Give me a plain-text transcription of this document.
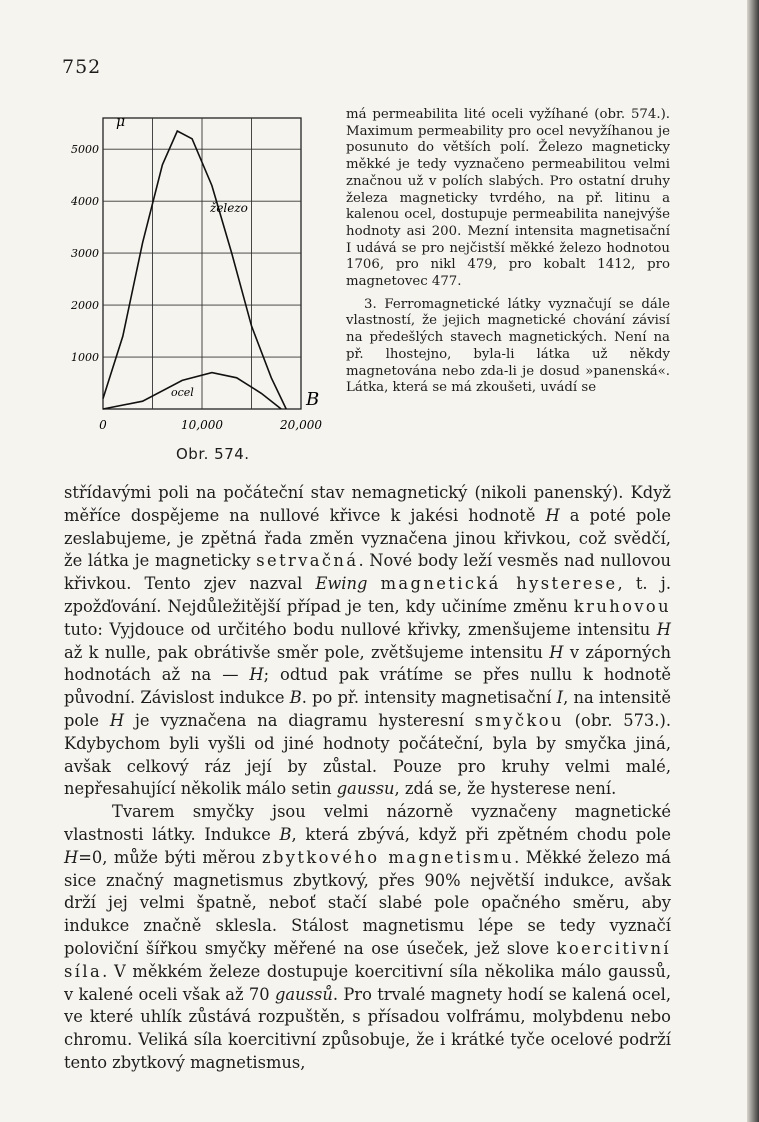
752
μ
B
železo
ocel
5000
4000
3000
2000
1000
0	10,000	20,000
Obr. 574.

má permeabilita lité oceli vyžíhané (obr. 574.). Maximum permeability pro ocel nevyžíhanou je posunuto do větších polí. Železo magneticky měkké je tedy vyznačeno permeabilitou velmi značnou už v polích slabých. Pro ostatní druhy železa magneticky tvrdého, na př. litinu a kalenou ocel, dostupuje permeabilita nanejvýše hodnoty asi 200. Mezní intensita magnetisační I udává se pro nejčistší měkké železo hodnotou 1706, pro nikl 479, pro kobalt 1412, pro magnetovec 477.

3. Ferromagnetické látky vyznačují se dále vlastností, že jejich magnetické chování závisí na předešlých stavech magnetických. Není na př. lhostejno, byla-li látka už někdy magnetována nebo zda-li je dosud »panenská«. Látka, která se má zkoušeti, uvádí se

střídavými poli na počáteční stav nemagnetický (nikoli panenský). Když měříce dospějeme na nullové křivce k jakési hodnotě H a poté pole zeslabujeme, je zpětná řada změn vyznačena jinou křivkou, což svědčí, že látka je magneticky setrvačná. Nové body leží vesměs nad nullovou křivkou. Tento zjev nazval Ewing magnetická hysterese, t. j. zpožďování. Nejdůležitější případ je ten, kdy učiníme změnu kruhovou tuto: Vyjdouce od určitého bodu nullové křivky, zmenšujeme intensitu H až k nulle, pak obrátivše směr pole, zvětšujeme intensitu H v záporných hodnotách až na — H; odtud pak vrátíme se přes nullu k hodnotě původní. Závislost indukce B. po př. intensity magnetisační I, na intensitě pole H je vyznačena na diagramu hysteresní smyčkou (obr. 573.). Kdybychom byli vyšli od jiné hodnoty počáteční, byla by smyčka jiná, avšak celkový ráz její by zůstal. Pouze pro kruhy velmi malé, nepřesahující několik málo setin gaussu, zdá se, že hysterese není.

Tvarem smyčky jsou velmi názorně vyznačeny magnetické vlastnosti látky. Indukce B, která zbývá, když při zpětném chodu pole H=0, může býti měrou zbytkového magnetismu. Měkké železo má sice značný magnetismus zbytkový, přes 90% největší indukce, avšak drží jej velmi špatně, neboť stačí slabé pole opačného směru, aby indukce značně sklesla. Stálost magnetismu lépe se tedy vyznačí poloviční šířkou smyčky měřené na ose úseček, jež slove koercitivní síla. V měkkém železe dostupuje koercitivní síla několika málo gaussů, v kalené oceli však až 70 gaussů. Pro trvalé magnety hodí se kalená ocel, ve které uhlík zůstává rozpuštěn, s přísadou volfrámu, molybdenu nebo chromu. Veliká síla koercitivní způsobuje, že i krátké tyče ocelové podrží tento zbytkový magnetismus,
